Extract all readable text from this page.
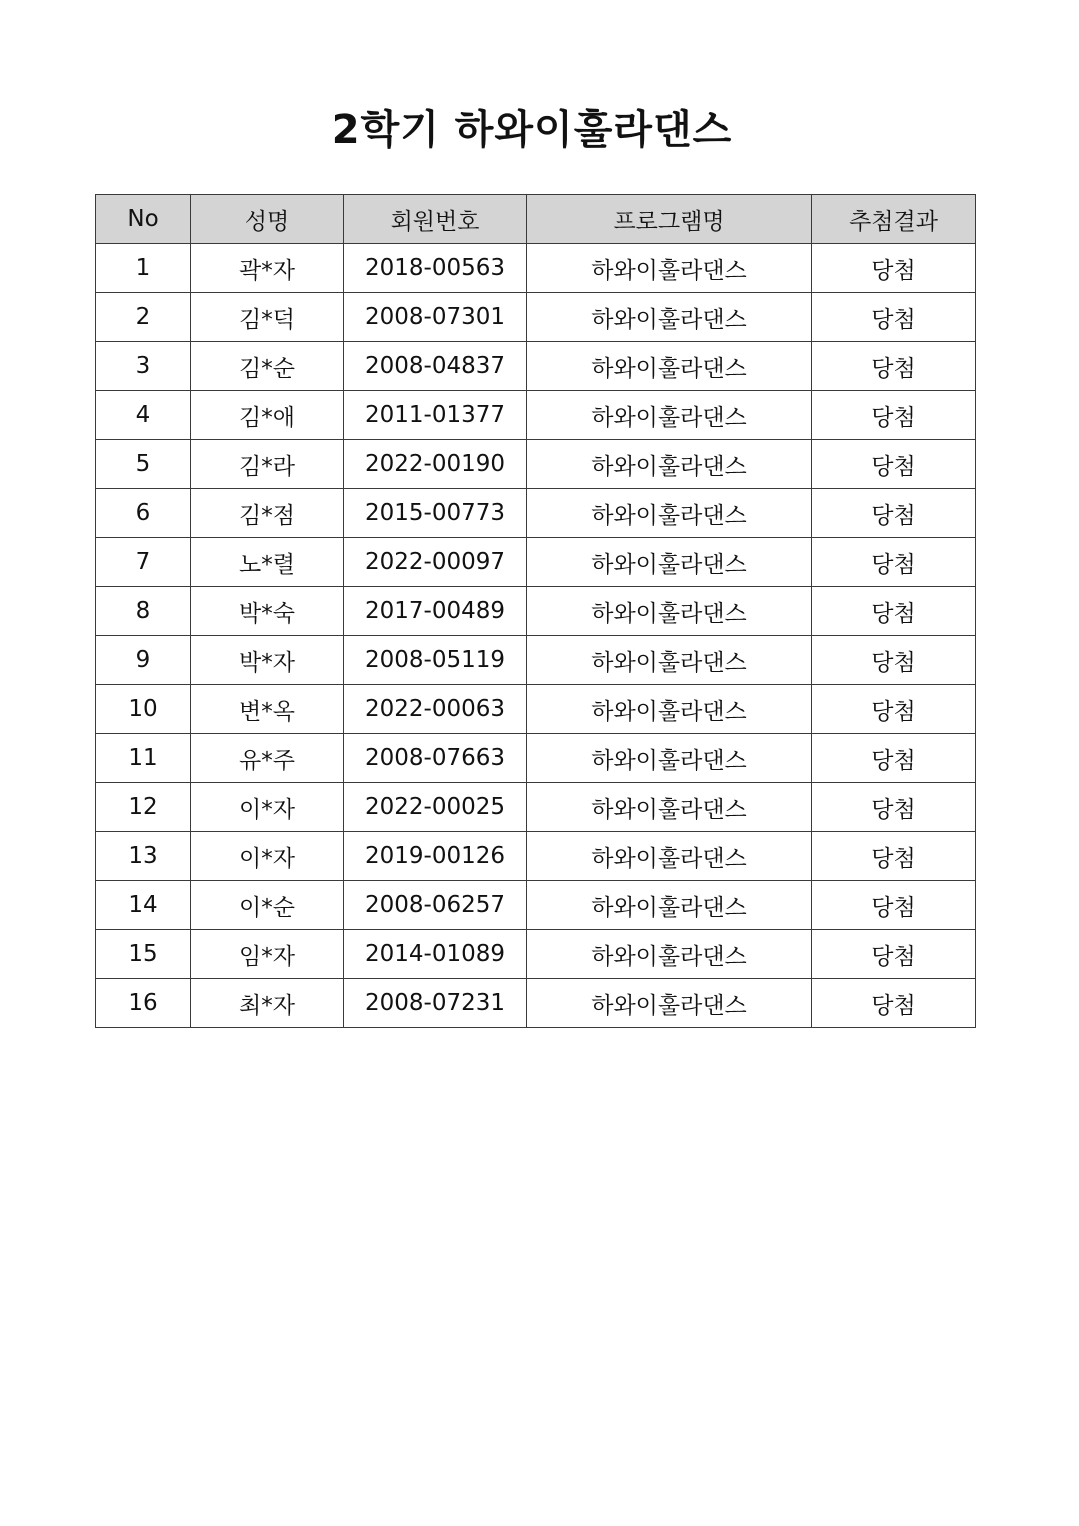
2학기 하와이훌라댄스
No	성명	회원번호	프로그램명	추첨결과
1	곽*자	2018-00563	하와이훌라댄스	당첨
2	김*덕	2008-07301	하와이훌라댄스	당첨
3	김*순	2008-04837	하와이훌라댄스	당첨
4	김*애	2011-01377	하와이훌라댄스	당첨
5	김*라	2022-00190	하와이훌라댄스	당첨
6	김*점	2015-00773	하와이훌라댄스	당첨
7	노*렬	2022-00097	하와이훌라댄스	당첨
8	박*숙	2017-00489	하와이훌라댄스	당첨
9	박*자	2008-05119	하와이훌라댄스	당첨
10	변*옥	2022-00063	하와이훌라댄스	당첨
11	유*주	2008-07663	하와이훌라댄스	당첨
12	이*자	2022-00025	하와이훌라댄스	당첨
13	이*자	2019-00126	하와이훌라댄스	당첨
14	이*순	2008-06257	하와이훌라댄스	당첨
15	임*자	2014-01089	하와이훌라댄스	당첨
16	최*자	2008-07231	하와이훌라댄스	당첨
